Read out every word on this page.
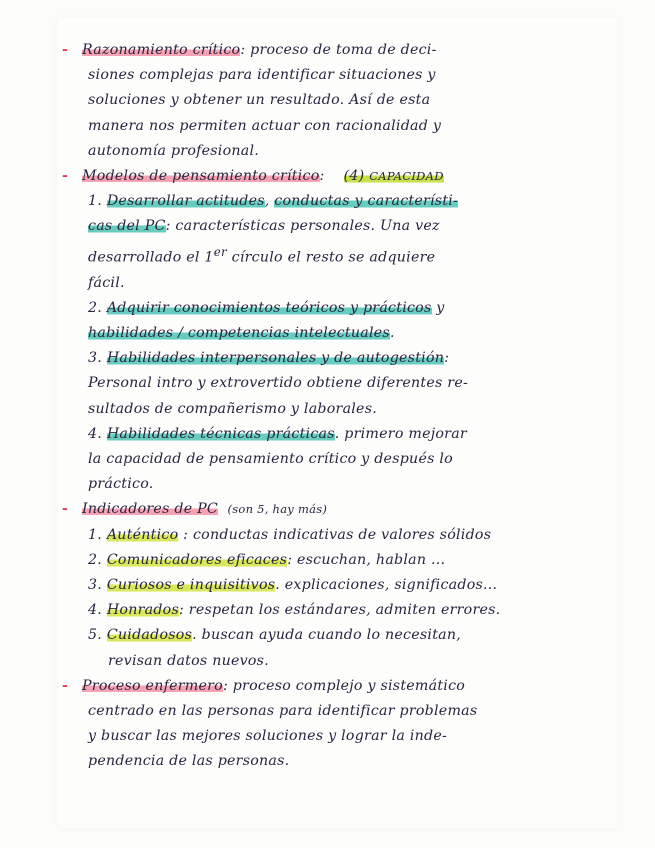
- Razonamiento crítico: proceso de toma de deci-
siones complejas para identificar situaciones y
soluciones y obtener un resultado. Así de esta
manera nos permiten actuar con racionalidad y
autonomía profesional.
- Modelos de pensamiento crítico: (4) CAPACIDAD
1. Desarrollar actitudes, conductas y característi-
cas del PC: características personales. Una vez
desarrollado el 1er círculo el resto se adquiere
fácil.
2. Adquirir conocimientos teóricos y prácticos y
habilidades / competencias intelectuales.
3. Habilidades interpersonales y de autogestión:
Personal intro y extrovertido obtiene diferentes re-
sultados de compañerismo y laborales.
4. Habilidades técnicas prácticas. primero mejorar
la capacidad de pensamiento crítico y después lo
práctico.
- Indicadores de PC (son 5, hay más)
1. Auténtico : conductas indicativas de valores sólidos
2. Comunicadores eficaces: escuchan, hablan ...
3. Curiosos e inquisitivos. explicaciones, significados...
4. Honrados: respetan los estándares, admiten errores.
5. Cuidadosos. buscan ayuda cuando lo necesitan,
revisan datos nuevos.
- Proceso enfermero: proceso complejo y sistemático
centrado en las personas para identificar problemas
y buscar las mejores soluciones y lograr la inde-
pendencia de las personas.
